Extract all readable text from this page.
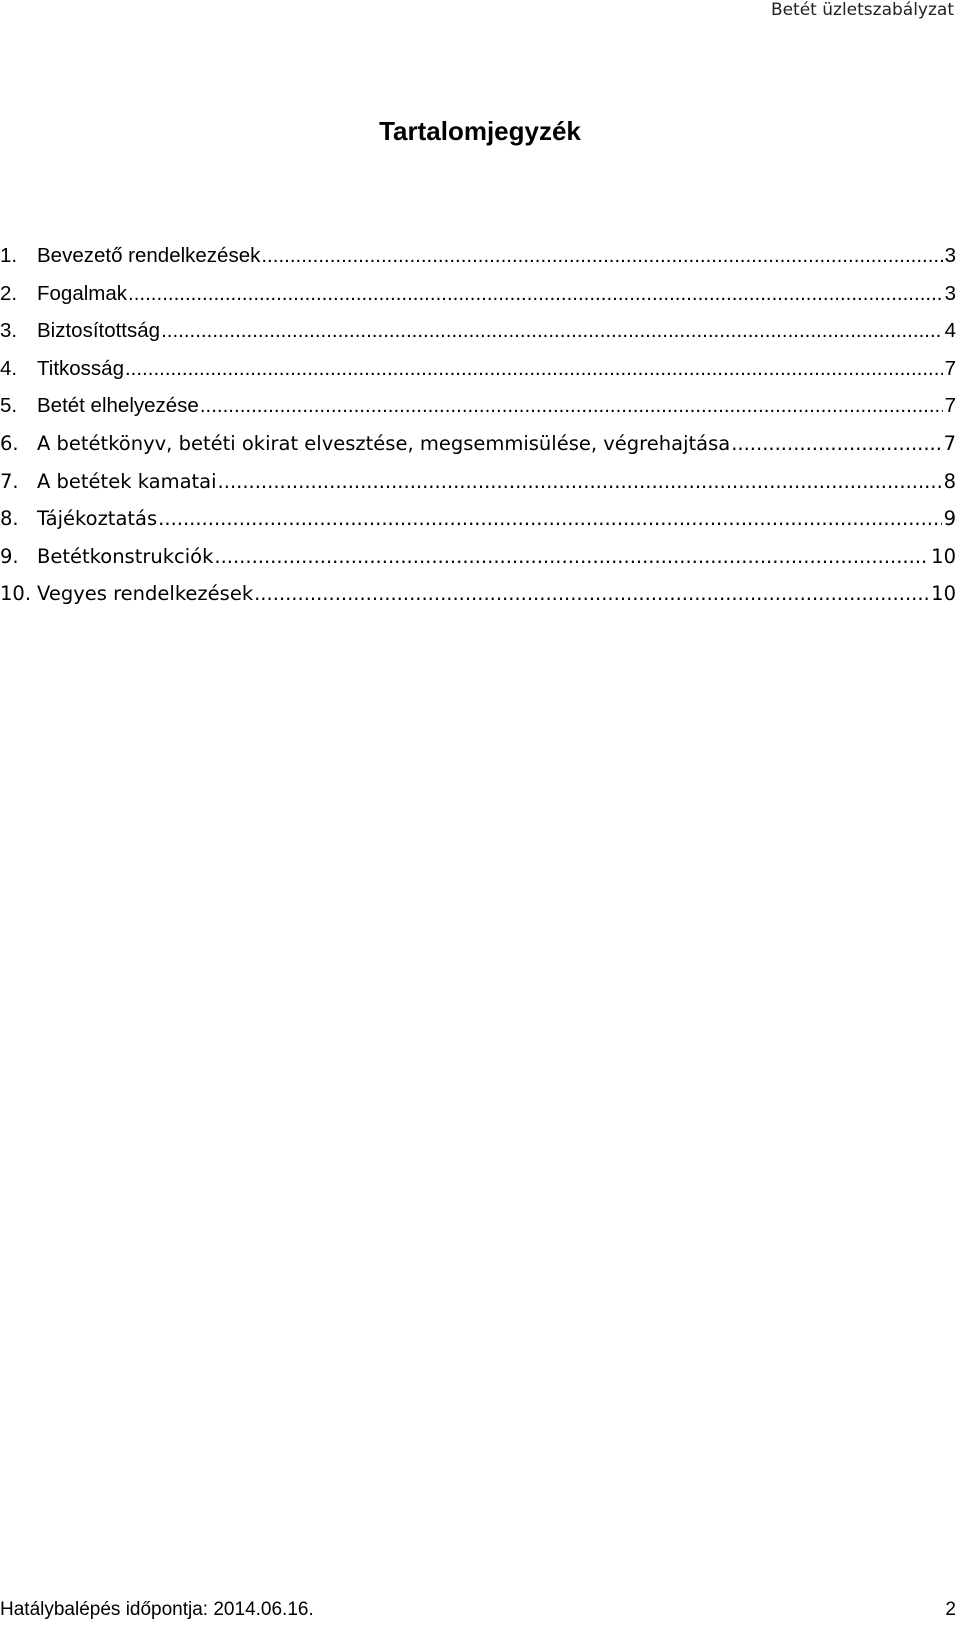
Betét üzletszabályzat

Tartalomjegyzék
1. Bevezető rendelkezések .....	3
2. Fogalmak .....	3
3. Biztosítottság .....	4
4. Titkosság .....	7
5. Betét elhelyezése .....	7
6. A betétkönyv, betéti okirat elvesztése, megsemmisülése, végrehajtása .....	7
7. A betétek kamatai .....	8
8. Tájékoztatás .....	9
9. Betétkonstrukciók .....	10
10. Vegyes rendelkezések .....	10
Hatálybalépés időpontja: 2014.06.16.	2
